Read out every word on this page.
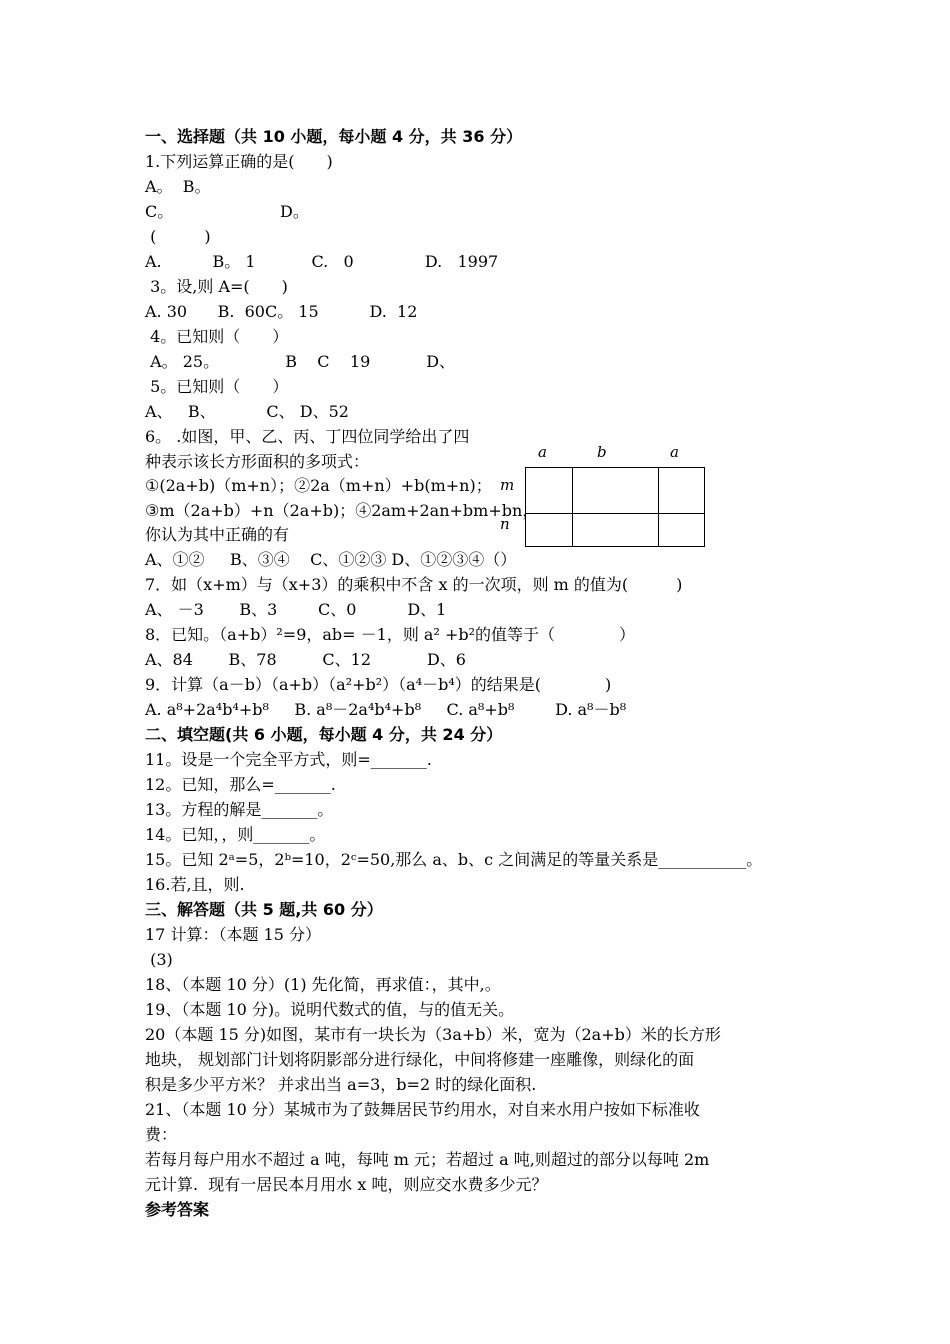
一、选择题（共 10 小题，每小题 4 分，共 36 分）
1.下列运算正确的是(　　)
A。  B。
C。                     D。
(　　　)
A.          B。 1           C.   0              D.   1997
3。设,则 A=(　　)
A. 30      B.  60C。 15          D.  12
4。已知则（　　）
A。 25。             B    C    19           D、
5。已知则（　　）
A、   B、          C、 D、52
6。 .如图，甲、乙、丙、丁四位同学给出了四
种表示该长方形面积的多项式：
①(2a+b)（m+n）；②2a（m+n）+b(m+n)；
③m（2a+b）+n（2a+b)；④2am+2an+bm+bn，
你认为其中正确的有
A、①②     B、③④    C、①②③ D、①②③④（）
a	b	a
m
n
7．如（x+m）与（x+3）的乘积中不含 x 的一次项，则 m 的值为(　　　)
A、 －3       B、3        C、0          D、1
8．已知。（a+b）²=9，ab= －1，则 a² +b²的值等于（　　　　）
A、84       B、78         C、12           D、6
9．计算（a－b）（a+b）（a²+b²）（a⁴－b⁴）的结果是(　　　　)
A. a⁸+2a⁴b⁴+b⁸     B. a⁸－2a⁴b⁴+b⁸     C. a⁸+b⁸        D. a⁸－b⁸
二、填空题(共 6 小题，每小题 4 分，共 24 分）
11。设是一个完全平方式，则=_______.
12。已知，那么=_______.
13。方程的解是_______。
14。已知，，则_______。
15。已知 2ᵃ=5，2ᵇ=10，2ᶜ=50,那么 a、b、c 之间满足的等量关系是___________。
16.若,且，则.
三、解答题（共 5 题,共 60 分）
17 计算：（本题 15 分）
(3)
18、（本题 10 分）(1) 先化简，再求值：，其中,。
19、（本题 10 分)。说明代数式的值，与的值无关。
20（本题 15 分)如图，某市有一块长为（3a+b）米，宽为（2a+b）米的长方形
地块， 规划部门计划将阴影部分进行绿化，中间将修建一座雕像，则绿化的面
积是多少平方米？ 并求出当 a=3，b=2 时的绿化面积.
21、（本题 10 分）某城市为了鼓舞居民节约用水，对自来水用户按如下标准收
费：
若每月每户用水不超过 a 吨，每吨 m 元；若超过 a 吨,则超过的部分以每吨 2m
元计算.  现有一居民本月用水 x 吨，则应交水费多少元？
参考答案
